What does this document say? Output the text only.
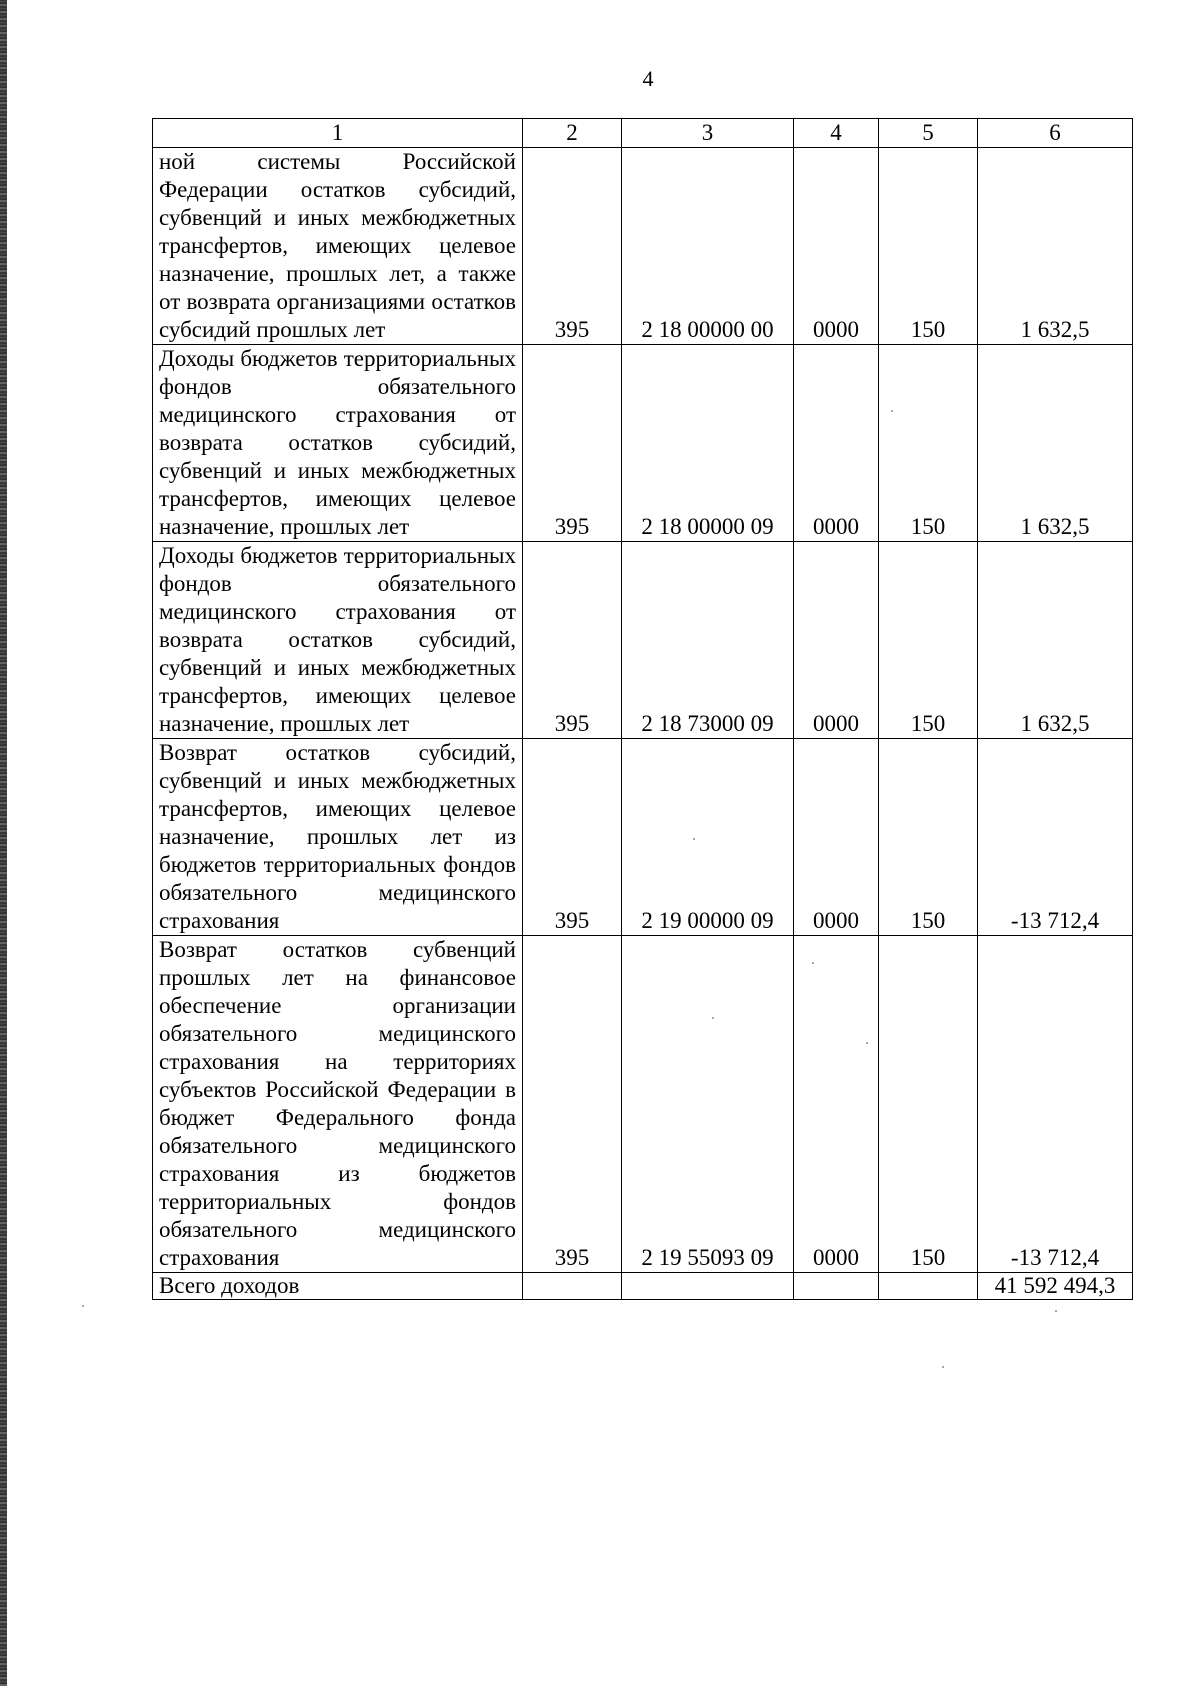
4
1	2	3	4	5	6
ной системы Российской Федерации остатков субсидий, субвенций и иных межбюджетных трансфертов, имеющих целевое назначение, прошлых лет, а также от возврата организациями остатков субсидий прошлых лет	395	2 18 00000 00	0000	150	1 632,5
Доходы бюджетов территориальных фондов обязательного медицинского страхования от возврата остатков субсидий, субвенций и иных межбюджетных трансфертов, имеющих целевое назначение, прошлых лет	395	2 18 00000 09	0000	150	1 632,5
Доходы бюджетов территориальных фондов обязательного медицинского страхования от возврата остатков субсидий, субвенций и иных межбюджетных трансфертов, имеющих целевое назначение, прошлых лет	395	2 18 73000 09	0000	150	1 632,5
Возврат остатков субсидий, субвенций и иных межбюджетных трансфертов, имеющих целевое назначение, прошлых лет из бюджетов территориальных фондов обязательного медицинского страхования	395	2 19 00000 09	0000	150	-13 712,4
Возврат остатков субвенций прошлых лет на финансовое обеспечение организации обязательного медицинского страхования на территориях субъектов Российской Федерации в бюджет Федерального фонда обязательного медицинского страхования из бюджетов территориальных фондов обязательного медицинского страхования	395	2 19 55093 09	0000	150	-13 712,4
Всего доходов					41 592 494,3
